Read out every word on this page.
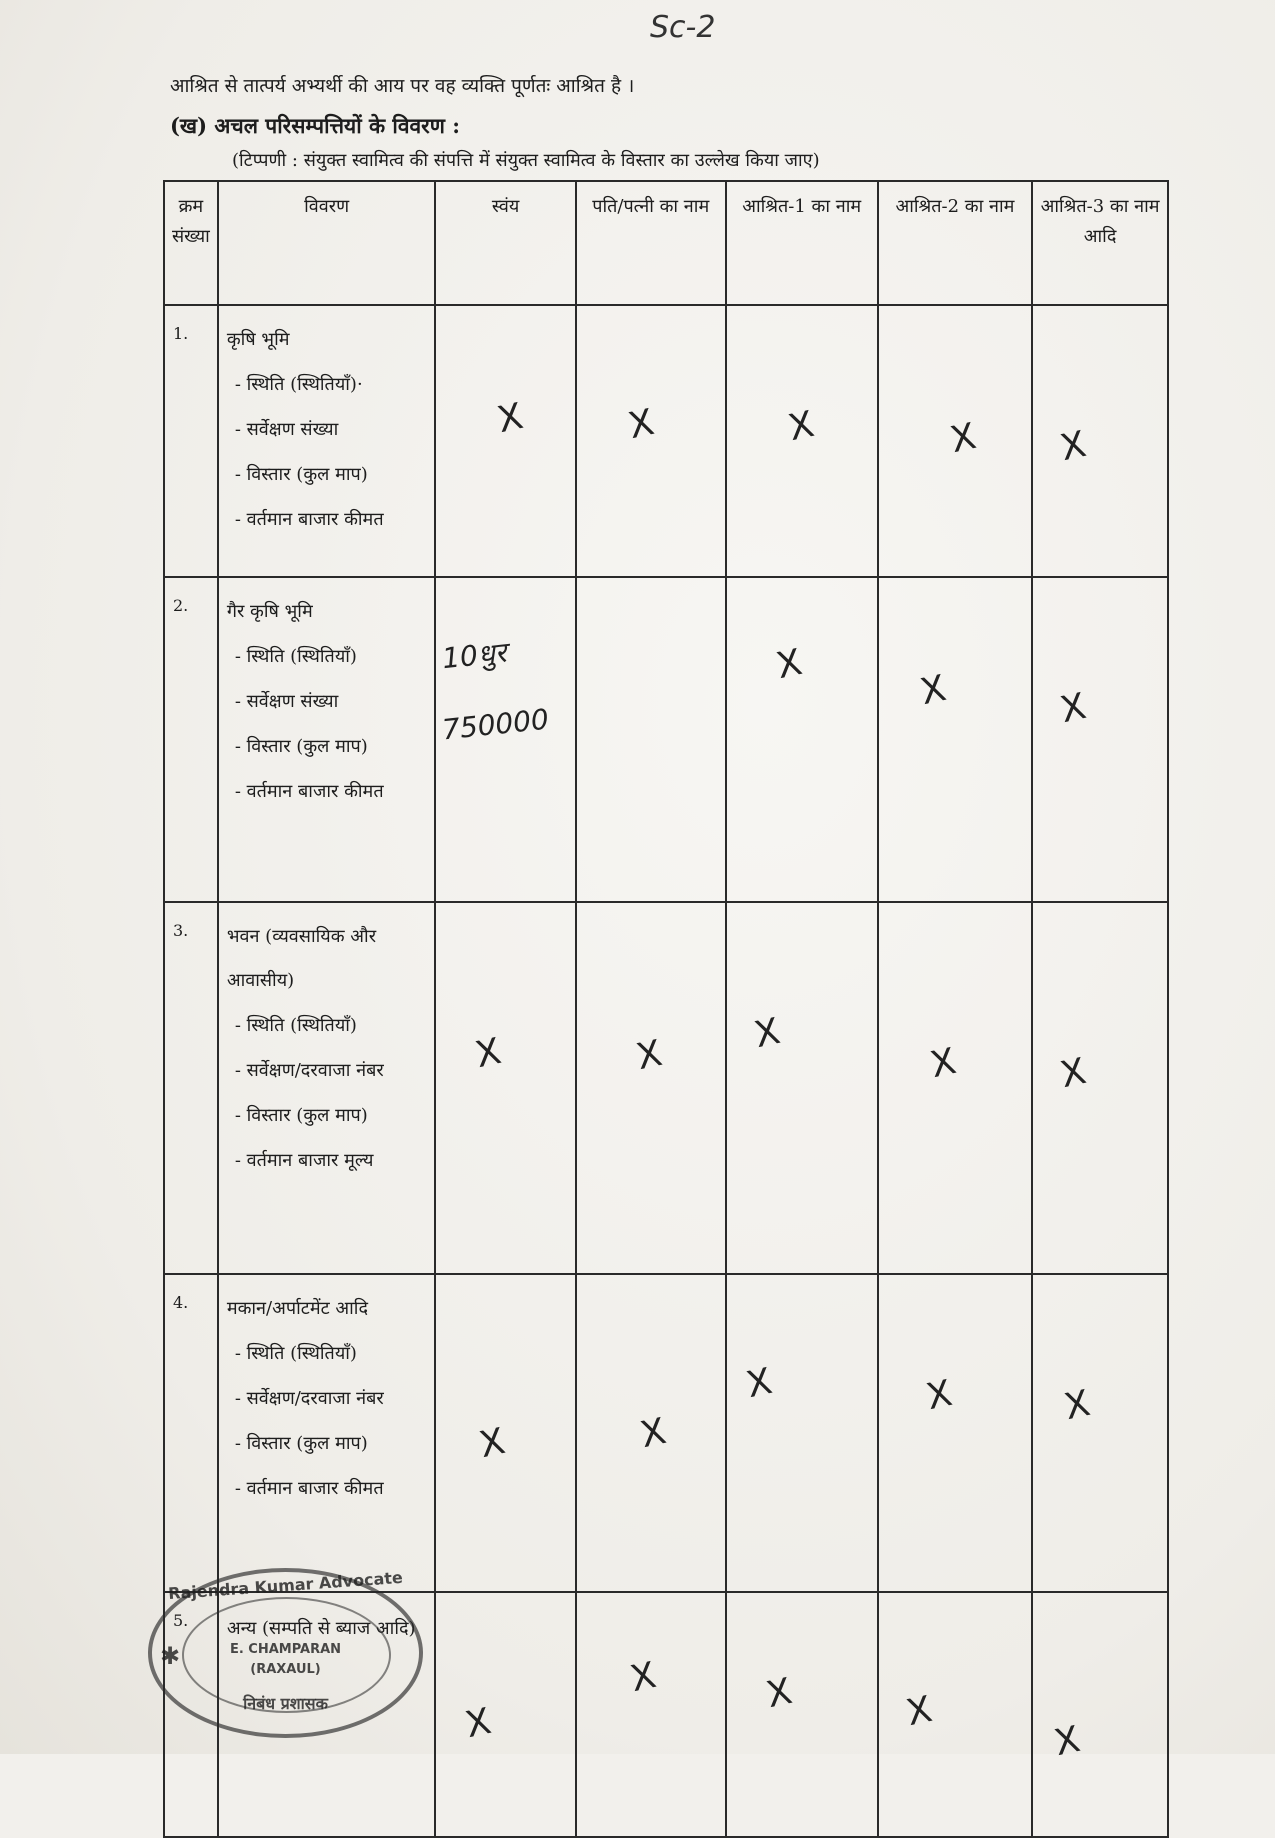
Sc-2
आश्रित से तात्पर्य अभ्यर्थी की आय पर वह व्यक्ति पूर्णतः आश्रित है ।
(ख) अचल परिसम्पत्तियों के विवरण :
(टिप्पणी : संयुक्त स्वामित्व की संपत्ति में संयुक्त स्वामित्व के विस्तार का उल्लेख किया जाए)
क्रम संख्या	विवरण	स्वंय	पति/पत्नी का नाम	आश्रित-1 का नाम	आश्रित-2 का नाम	आश्रित-3 का नाम आदि
1.	कृषि भूमि
- स्थिति (स्थितियाँ)·
- सर्वेक्षण संख्या
- विस्तार (कुल माप)
- वर्तमान बाजार कीमत	X	X	X	X	X

2.	गैर कृषि भूमि
- स्थिति (स्थितियाँ)
- सर्वेक्षण संख्या
- विस्तार (कुल माप)
- वर्तमान बाजार कीमत	10धुर
750000		X	X	X

3.	भवन (व्यवसायिक और आवासीय)
- स्थिति (स्थितियाँ)
- सर्वेक्षण/दरवाजा नंबर
- विस्तार (कुल माप)
- वर्तमान बाजार मूल्य	X	X	X	X	X

4.	मकान/अर्पाटमेंट आदि
- स्थिति (स्थितियाँ)
- सर्वेक्षण/दरवाजा नंबर
- विस्तार (कुल माप)
- वर्तमान बाजार कीमत	X	X	X	X	X

5.	अन्य (सम्पति से ब्याज आदि)	X	X	X	X	X
Rajendra Kumar Advocate
✱	E. CHAMPARAN
(RAXAUL)
निबंध प्रशासक
